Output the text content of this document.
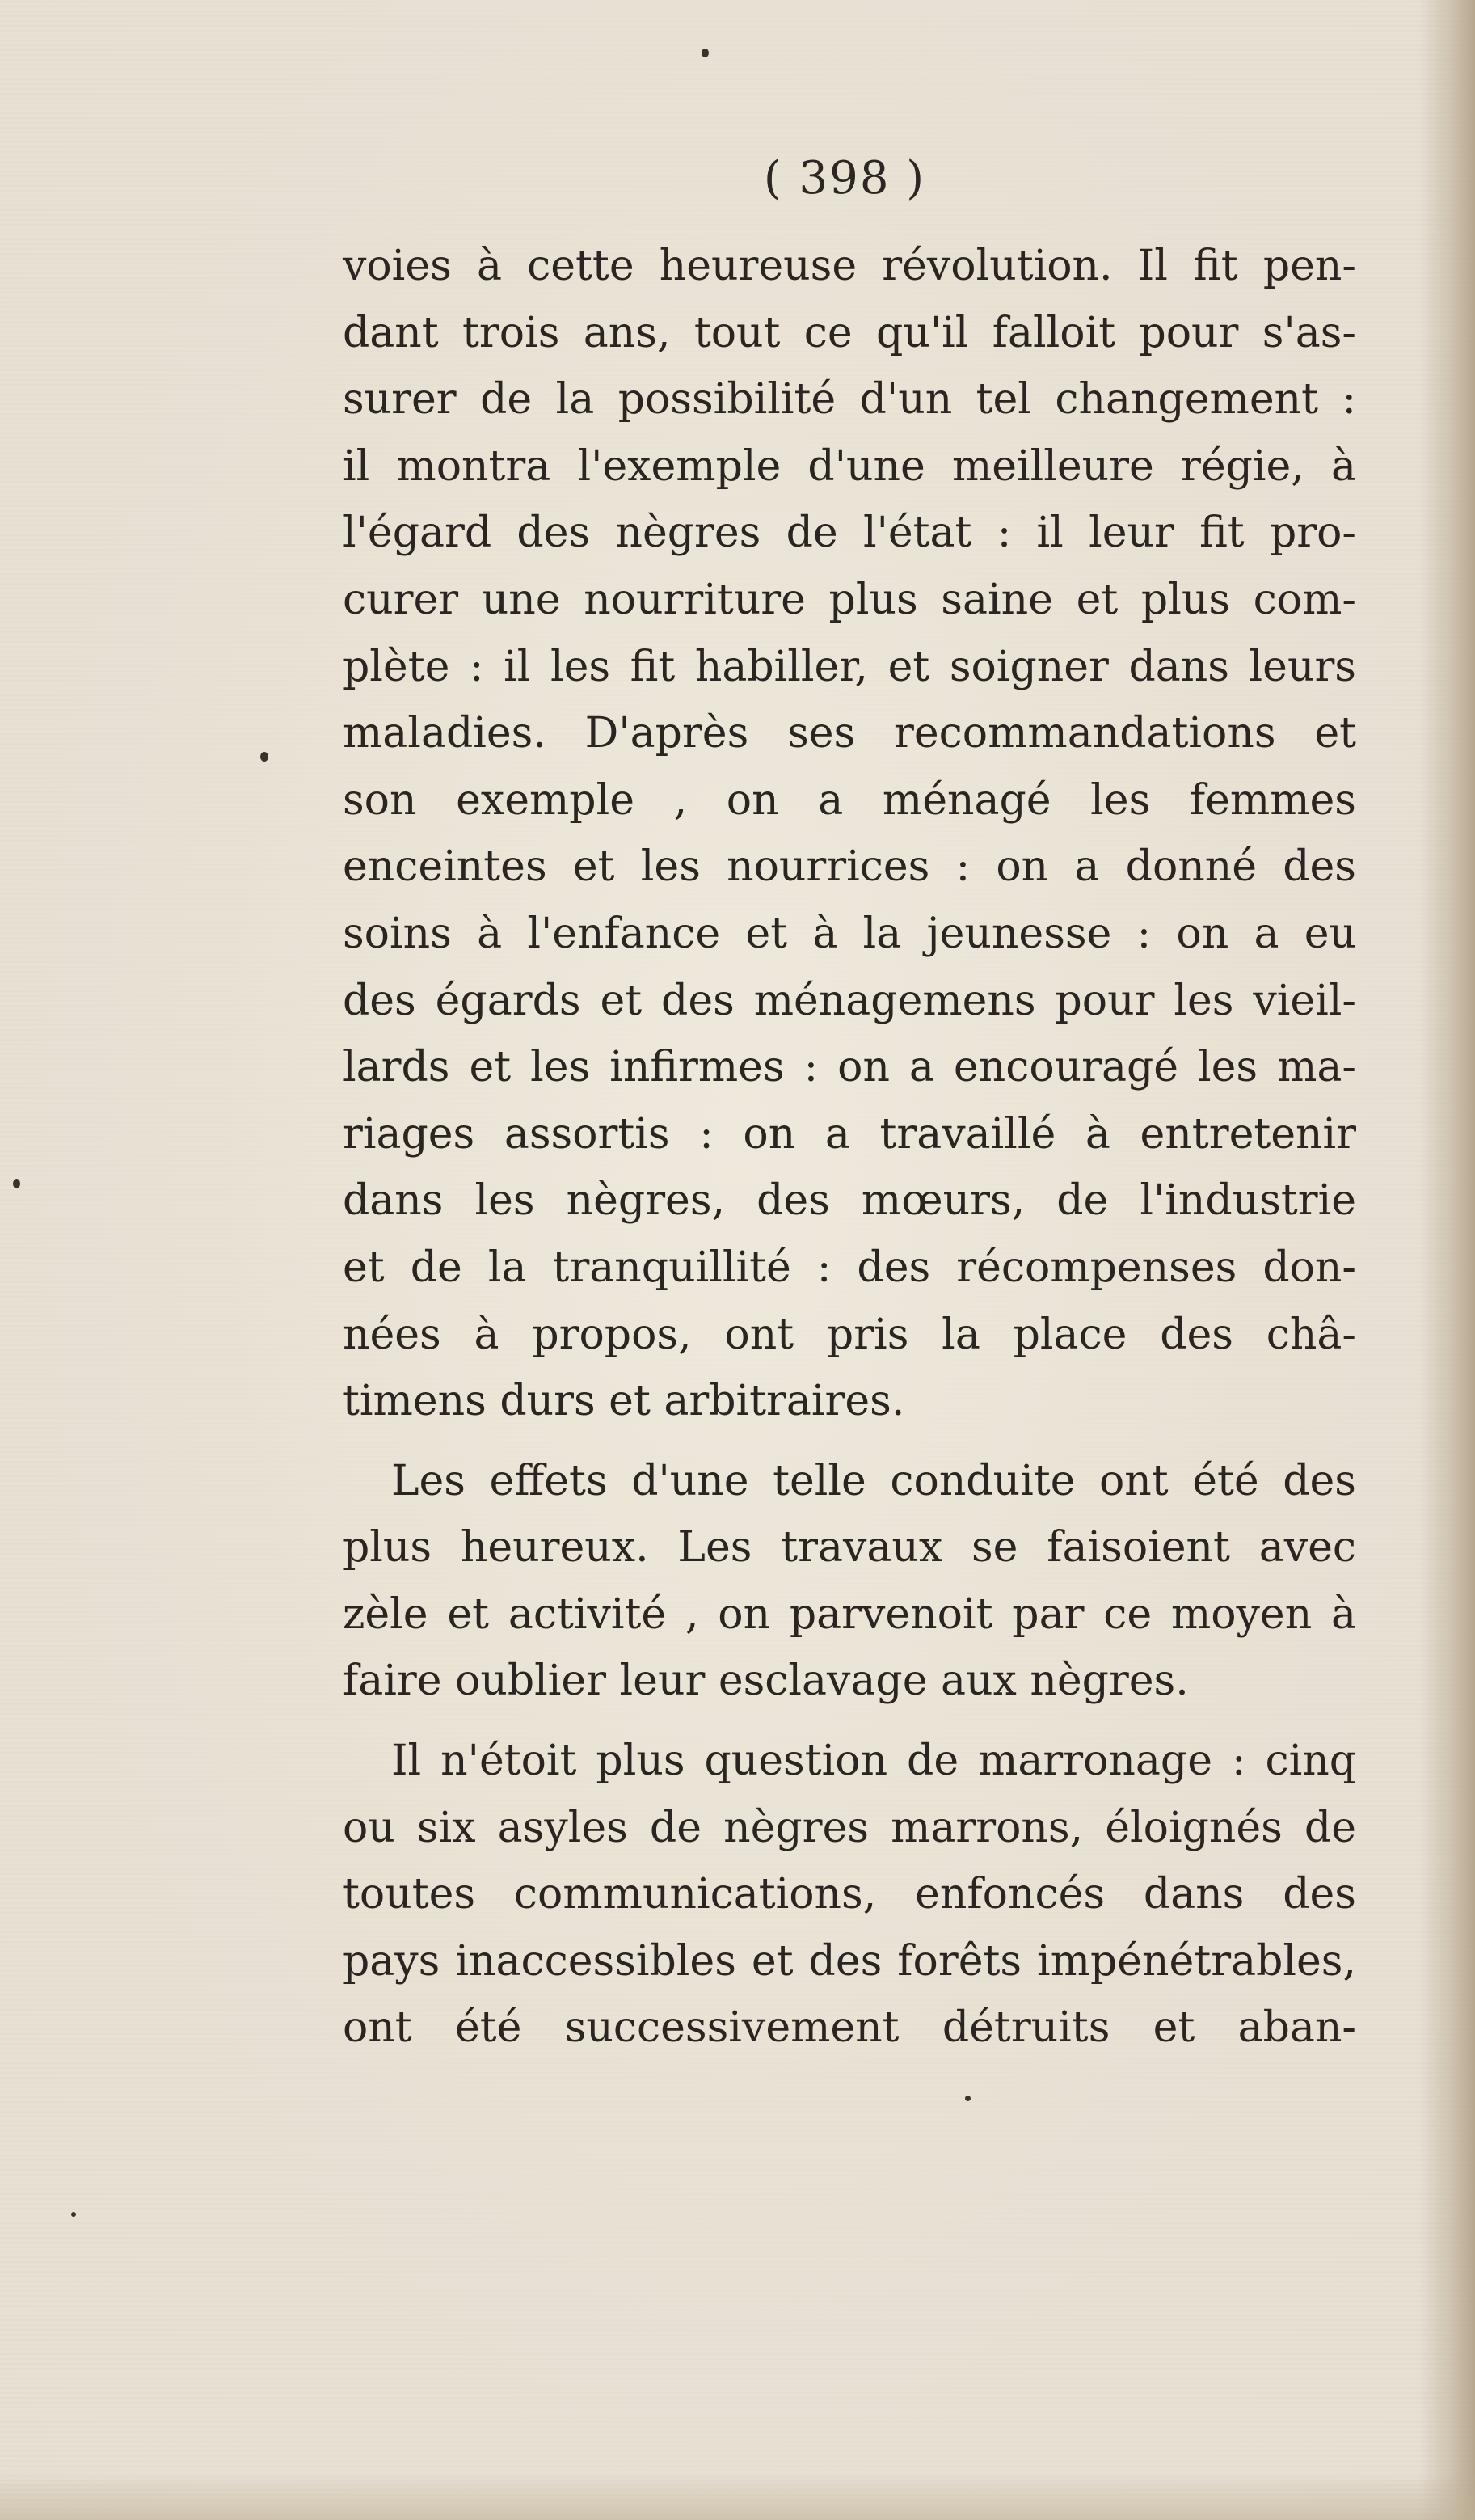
( 398 )
voies à cette heureuse révolution. Il fit pen-
dant trois ans, tout ce qu'il falloit pour s'as-
surer de la possibilité d'un tel changement :
il montra l'exemple d'une meilleure régie, à
l'égard des nègres de l'état : il leur fit pro-
curer une nourriture plus saine et plus com-
plète : il les fit habiller, et soigner dans leurs
maladies. D'après ses recommandations et
son exemple , on a ménagé les femmes
enceintes et les nourrices : on a donné des
soins à l'enfance et à la jeunesse : on a eu
des égards et des ménagemens pour les vieil-
lards et les infirmes : on a encouragé les ma-
riages assortis : on a travaillé à entretenir
dans les nègres, des mœurs, de l'industrie
et de la tranquillité : des récompenses don-
nées à propos, ont pris la place des châ-
timens durs et arbitraires.
Les effets d'une telle conduite ont été des
plus heureux. Les travaux se faisoient avec
zèle et activité , on parvenoit par ce moyen à
faire oublier leur esclavage aux nègres.
Il n'étoit plus question de marronage : cinq
ou six asyles de nègres marrons, éloignés de
toutes communications, enfoncés dans des
pays inaccessibles et des forêts impénétrables,
ont été successivement détruits et aban-
